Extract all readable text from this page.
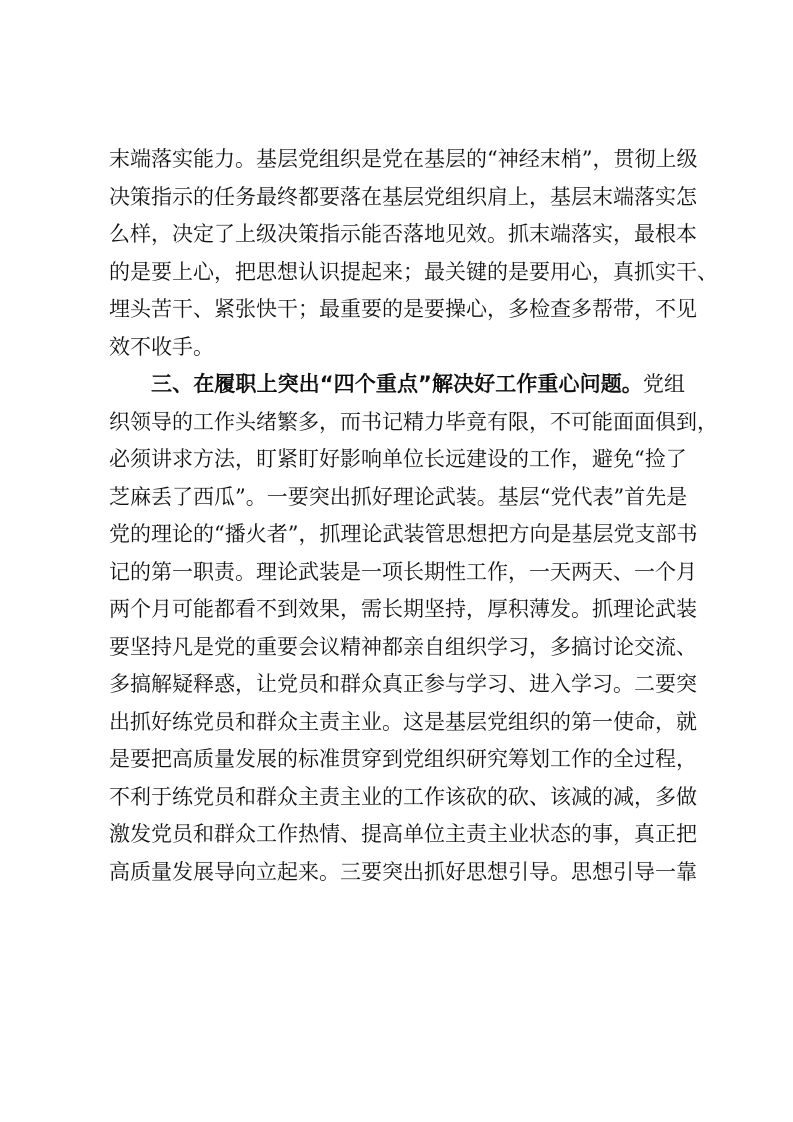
末端落实能力。基层党组织是党在基层的“神经末梢”，贯彻上级
决策指示的任务最终都要落在基层党组织肩上，基层末端落实怎
么样，决定了上级决策指示能否落地见效。抓末端落实，最根本
的是要上心，把思想认识提起来；最关键的是要用心，真抓实干、
埋头苦干、紧张快干；最重要的是要操心，多检查多帮带，不见
效不收手。
三、在履职上突出“四个重点”解决好工作重心问题。党组
织领导的工作头绪繁多，而书记精力毕竟有限，不可能面面俱到，
必须讲求方法，盯紧盯好影响单位长远建设的工作，避免“捡了
芝麻丢了西瓜”。一要突出抓好理论武装。基层“党代表”首先是
党的理论的“播火者”，抓理论武装管思想把方向是基层党支部书
记的第一职责。理论武装是一项长期性工作，一天两天、一个月
两个月可能都看不到效果，需长期坚持，厚积薄发。抓理论武装
要坚持凡是党的重要会议精神都亲自组织学习，多搞讨论交流、
多搞解疑释惑，让党员和群众真正参与学习、进入学习。二要突
出抓好练党员和群众主责主业。这是基层党组织的第一使命，就
是要把高质量发展的标准贯穿到党组织研究筹划工作的全过程，
不利于练党员和群众主责主业的工作该砍的砍、该减的减，多做
激发党员和群众工作热情、提高单位主责主业状态的事，真正把
高质量发展导向立起来。三要突出抓好思想引导。思想引导一靠
